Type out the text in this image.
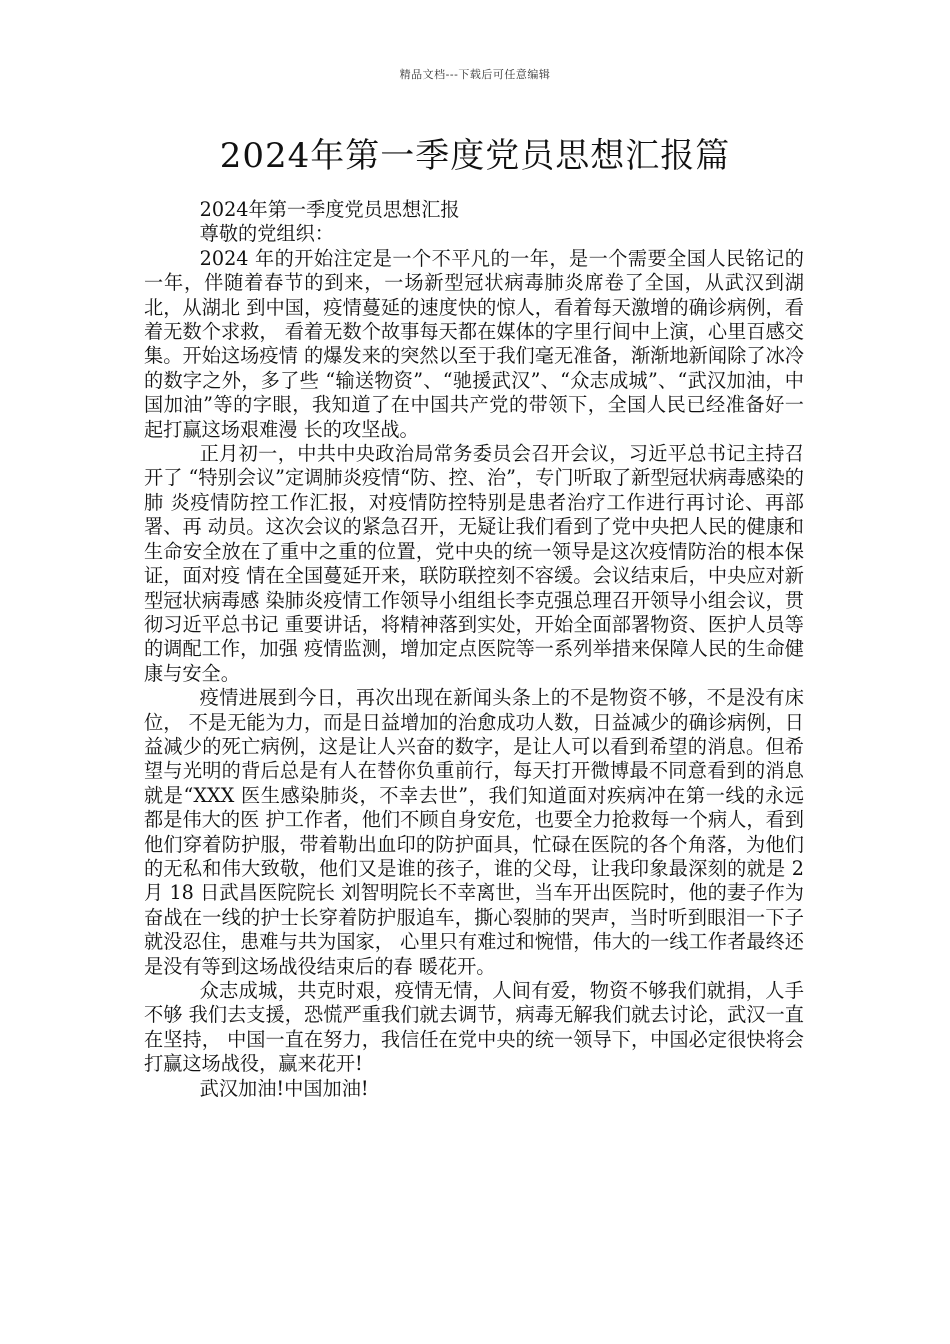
精品文档---下载后可任意编辑
2024年第一季度党员思想汇报篇

2024年第一季度党员思想汇报

尊敬的党组织：

2024 年的开始注定是一个不平凡的一年，是一个需要全国人民铭记的一年，伴随着春节的到来，一场新型冠状病毒肺炎席卷了全国，从武汉到湖北，从湖北 到中国，疫情蔓延的速度快的惊人，看着每天激增的确诊病例，看着无数个求救， 看着无数个故事每天都在媒体的字里行间中上演，心里百感交集。开始这场疫情 的爆发来的突然以至于我们毫无准备，渐渐地新闻除了冰冷的数字之外，多了些 “输送物资”、“驰援武汉”、“众志成城”、“武汉加油，中国加油”等的字眼，我知道了在中国共产党的带领下，全国人民已经准备好一起打赢这场艰难漫 长的攻坚战。

正月初一，中共中央政治局常务委员会召开会议，习近平总书记主持召开了 “特别会议”定调肺炎疫情“防、控、治”，专门听取了新型冠状病毒感染的肺 炎疫情防控工作汇报，对疫情防控特别是患者治疗工作进行再讨论、再部署、再 动员。这次会议的紧急召开，无疑让我们看到了党中央把人民的健康和生命安全放在了重中之重的位置，党中央的统一领导是这次疫情防治的根本保证，面对疫 情在全国蔓延开来，联防联控刻不容缓。会议结束后，中央应对新型冠状病毒感 染肺炎疫情工作领导小组组长李克强总理召开领导小组会议，贯彻习近平总书记 重要讲话，将精神落到实处，开始全面部署物资、医护人员等的调配工作，加强 疫情监测，增加定点医院等一系列举措来保障人民的生命健康与安全。

疫情进展到今日，再次出现在新闻头条上的不是物资不够，不是没有床位， 不是无能为力，而是日益增加的治愈成功人数，日益减少的确诊病例，日益减少的死亡病例，这是让人兴奋的数字，是让人可以看到希望的消息。但希望与光明的背后总是有人在替你负重前行，每天打开微博最不同意看到的消息就是“XXX 医生感染肺炎，不幸去世”，我们知道面对疾病冲在第一线的永远都是伟大的医 护工作者，他们不顾自身安危，也要全力抢救每一个病人，看到他们穿着防护服，带着勒出血印的防护面具，忙碌在医院的各个角落，为他们的无私和伟大致敬，他们又是谁的孩子，谁的父母，让我印象最深刻的就是 2 月 18 日武昌医院院长 刘智明院长不幸离世，当车开出医院时，他的妻子作为奋战在一线的护士长穿着防护服追车，撕心裂肺的哭声，当时听到眼泪一下子就没忍住，患难与共为国家， 心里只有难过和惋惜，伟大的一线工作者最终还是没有等到这场战役结束后的春 暖花开。

众志成城，共克时艰，疫情无情，人间有爱，物资不够我们就捐，人手不够 我们去支援，恐慌严重我们就去调节，病毒无解我们就去讨论，武汉一直在坚持， 中国一直在努力，我信任在党中央的统一领导下，中国必定很快将会打赢这场战役，赢来花开!

武汉加油!中国加油!
